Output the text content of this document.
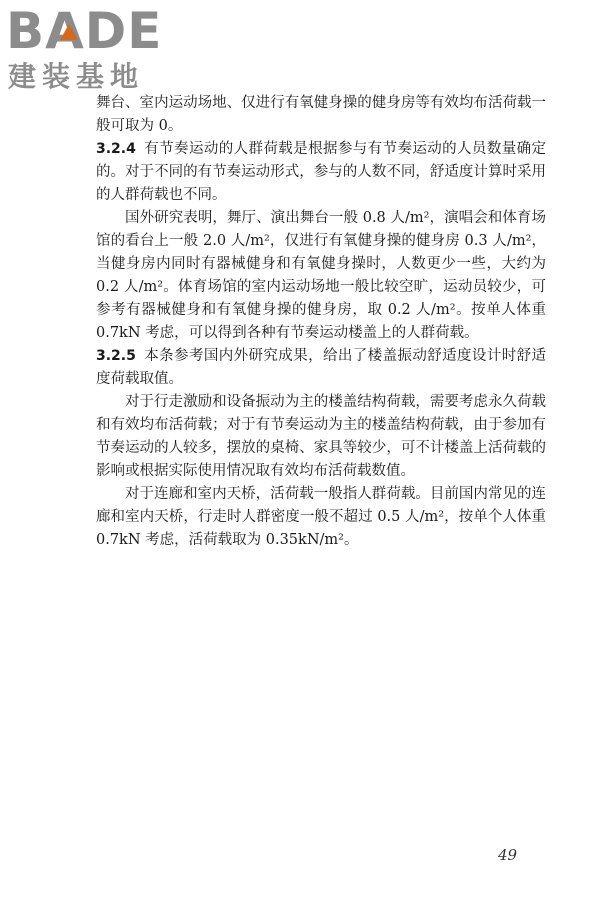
BADE
建装基地

舞台、室内运动场地、仅进行有氧健身操的健身房等有效均布活荷载一般可取为 0。

3.2.4 有节奏运动的人群荷载是根据参与有节奏运动的人员数量确定的。对于不同的有节奏运动形式，参与的人数不同，舒适度计算时采用的人群荷载也不同。

国外研究表明，舞厅、演出舞台一般 0.8 人/m²，演唱会和体育场馆的看台上一般 2.0 人/m²，仅进行有氧健身操的健身房 0.3 人/m²，当健身房内同时有器械健身和有氧健身操时，人数更少一些，大约为 0.2 人/m²。体育场馆的室内运动场地一般比较空旷，运动员较少，可参考有器械健身和有氧健身操的健身房，取 0.2 人/m²。按单人体重 0.7kN 考虑，可以得到各种有节奏运动楼盖上的人群荷载。

3.2.5 本条参考国内外研究成果，给出了楼盖振动舒适度设计时舒适度荷载取值。

对于行走激励和设备振动为主的楼盖结构荷载，需要考虑永久荷载和有效均布活荷载；对于有节奏运动为主的楼盖结构荷载，由于参加有节奏运动的人较多，摆放的桌椅、家具等较少，可不计楼盖上活荷载的影响或根据实际使用情况取有效均布活荷载数值。

对于连廊和室内天桥，活荷载一般指人群荷载。目前国内常见的连廊和室内天桥，行走时人群密度一般不超过 0.5 人/m²，按单个人体重 0.7kN 考虑，活荷载取为 0.35kN/m²。

49
